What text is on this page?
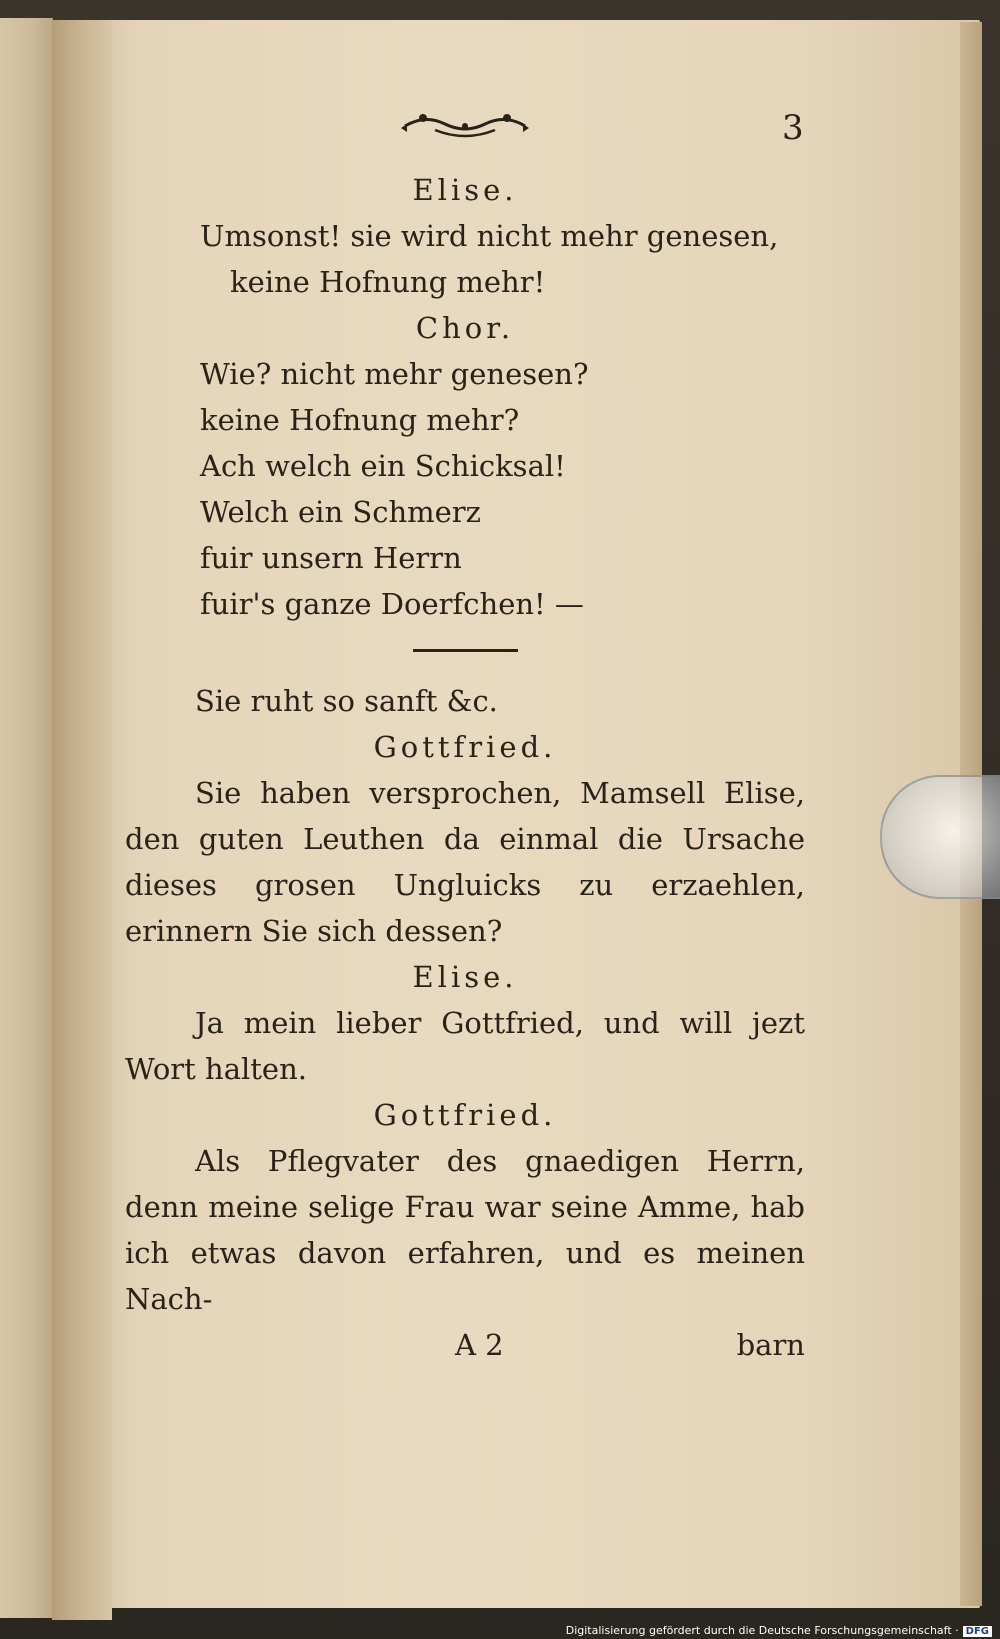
3
Elise.
Umsonst! sie wird nicht mehr genesen,
keine Hofnung mehr!
Chor.
Wie? nicht mehr genesen?
keine Hofnung mehr?
Ach welch ein Schicksal!
Welch ein Schmerz
fuir unsern Herrn
fuir's ganze Doerfchen! —
Sie ruht so sanft &c.
Gottfried.
Sie haben versprochen, Mamsell Elise, den guten Leuthen da einmal die Ursache dieses grosen Ungluicks zu erzaehlen, erinnern Sie sich dessen?
Elise.
Ja mein lieber Gottfried, und will jezt Wort halten.
Gottfried.
Als Pflegvater des gnaedigen Herrn, denn meine selige Frau war seine Amme, hab ich etwas davon erfahren, und es meinen Nach-
A 2	barn
Digitalisierung gefördert durch die Deutsche Forschungsgemeinschaft · DFG
